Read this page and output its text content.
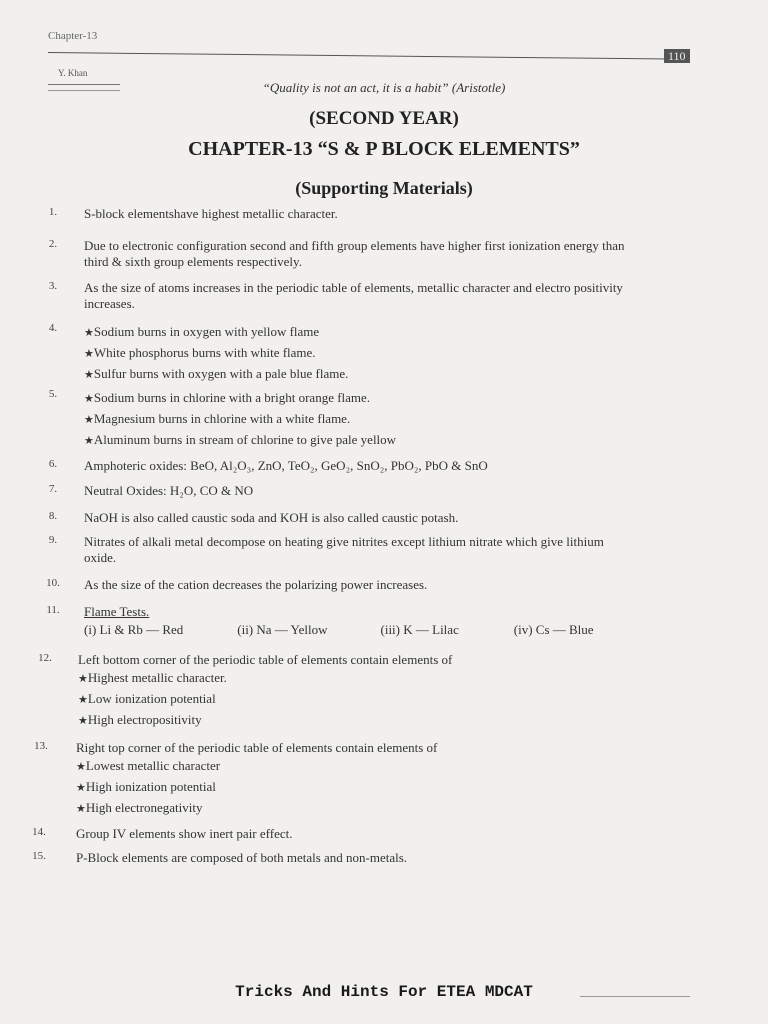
Chapter-13
110
Y. Khan
“Quality is not an act, it is a habit” (Aristotle)
(SECOND YEAR)
CHAPTER-13 “S & P BLOCK ELEMENTS”
(Supporting Materials)
1.	S-block elementshave highest metallic character.
2.	Due to electronic configuration second and fifth group elements have higher first ionization energy than
third & sixth group elements respectively.
3.	As the size of atoms increases in the periodic table of elements, metallic character and electro positivity
increases.
4.	★Sodium burns in oxygen with yellow flame
★White phosphorus burns with white flame.
★Sulfur burns with oxygen with a pale blue flame.
5.	★Sodium burns in chlorine with a bright orange flame.
★Magnesium burns in chlorine with a white flame.
★Aluminum burns in stream of chlorine to give pale yellow
6.	Amphoteric oxides: BeO, Al₂O₃, ZnO, TeO₂, GeO₂, SnO₂, PbO₂, PbO & SnO
7.	Neutral Oxides: H₂O, CO & NO
8.	NaOH is also called caustic soda and KOH is also called caustic potash.
9.	Nitrates of alkali metal decompose on heating give nitrites except lithium nitrate which give lithium
oxide.
10.	As the size of the cation decreases the polarizing power increases.
11.	Flame Tests.
(i) Li & Rb — Red	(ii) Na — Yellow	(iii) K — Lilac	(iv) Cs — Blue
12.	Left bottom corner of the periodic table of elements contain elements of
★Highest metallic character.
★Low ionization potential
★High electropositivity
13.	Right top corner of the periodic table of elements contain elements of
★Lowest metallic character
★High ionization potential
★High electronegativity
14.	Group IV elements show inert pair effect.
15.	P-Block elements are composed of both metals and non-metals.
Tricks And Hints For ETEA MDCAT
